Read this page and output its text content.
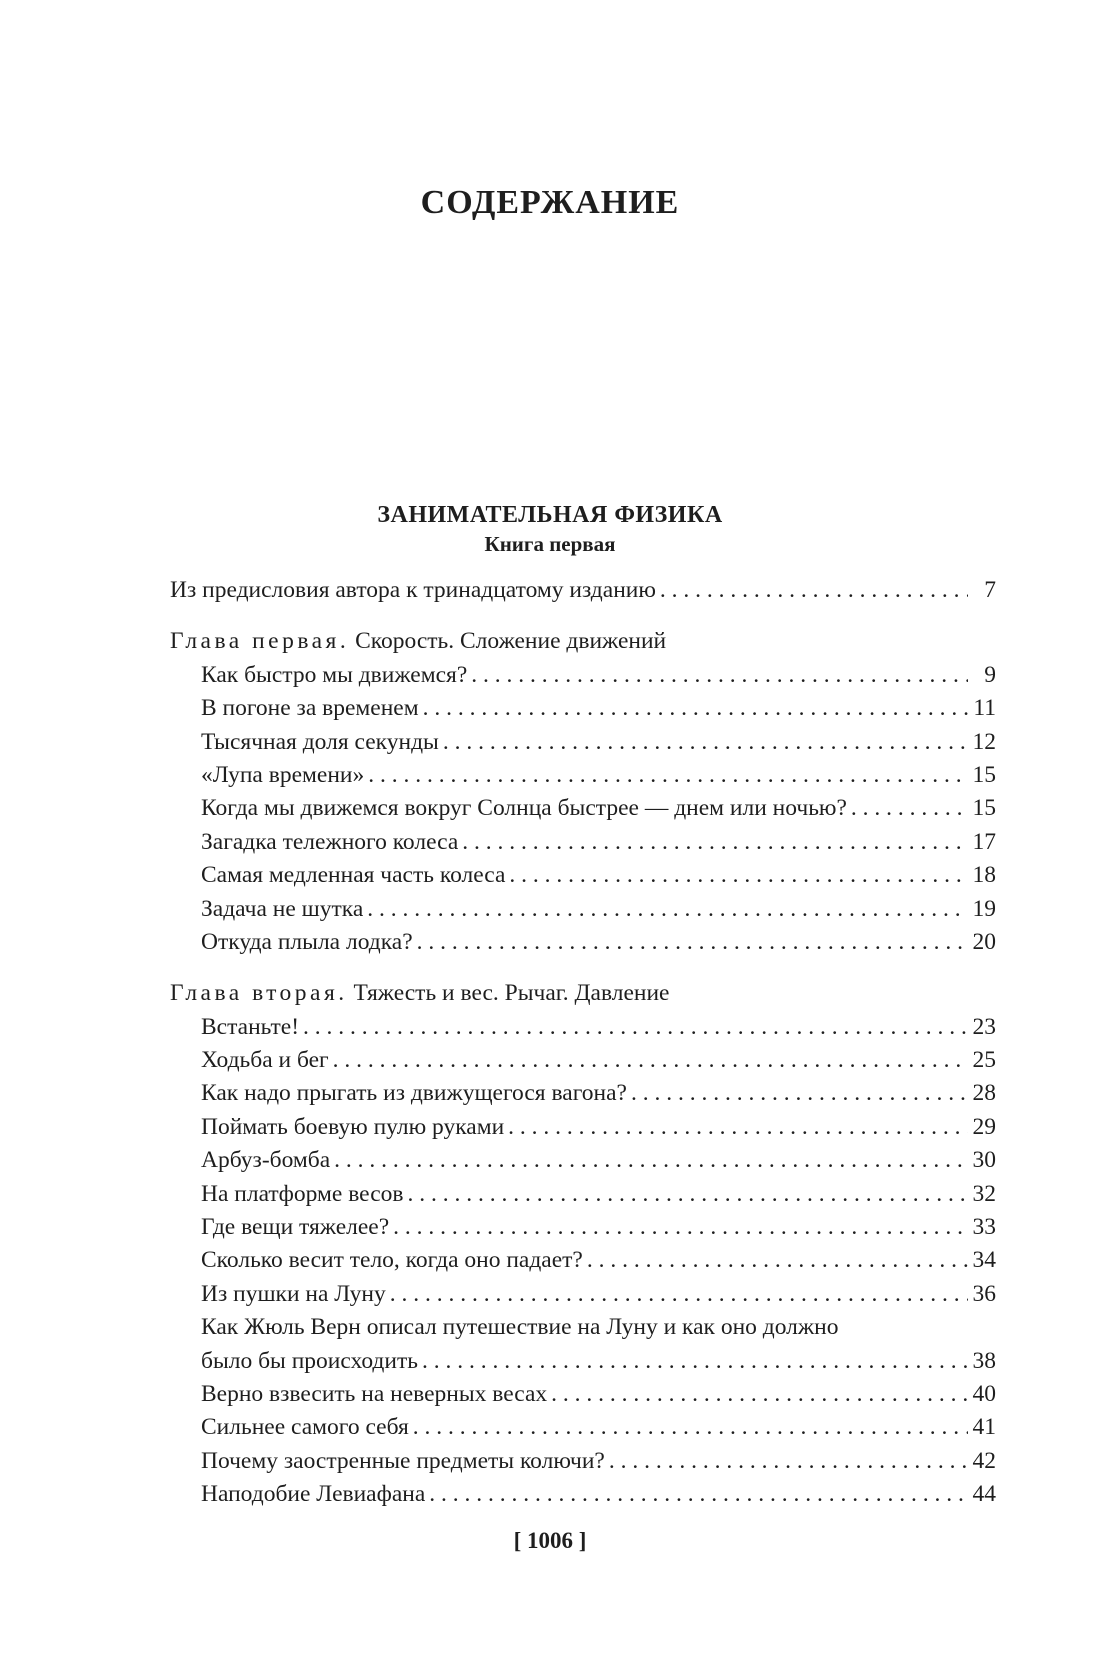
СОДЕРЖАНИЕ
ЗАНИМАТЕЛЬНАЯ ФИЗИКА
Книга первая
Из предисловия автора к тринадцатому изданию . . .	7
Глава первая. Скорость. Сложение движений
Как быстро мы движемся? . . .	9
В погоне за временем . . .	11
Тысячная доля секунды . . .	12
«Лупа времени» . . .	15
Когда мы движемся вокруг Солнца быстрее — днем или ночью? . . .	15
Загадка тележного колеса . . .	17
Самая медленная часть колеса . . .	18
Задача не шутка . . .	19
Откуда плыла лодка? . . .	20
Глава вторая. Тяжесть и вес. Рычаг. Давление
Встаньте! . . .	23
Ходьба и бег . . .	25
Как надо прыгать из движущегося вагона? . . .	28
Поймать боевую пулю руками . . .	29
Арбуз-бомба . . .	30
На платформе весов . . .	32
Где вещи тяжелее? . . .	33
Сколько весит тело, когда оно падает? . . .	34
Из пушки на Луну . . .	36
Как Жюль Верн описал путешествие на Луну и как оно должно
было бы происходить . . .	38
Верно взвесить на неверных весах . . .	40
Сильнее самого себя . . .	41
Почему заостренные предметы колючи? . . .	42
Наподобие Левиафана . . .	44
[ 1006 ]
